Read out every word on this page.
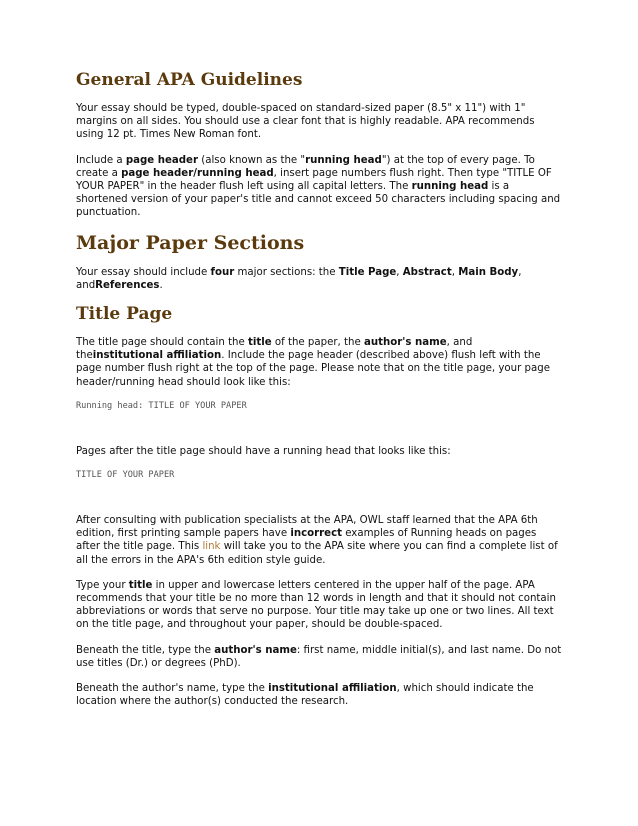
General APA Guidelines

Your essay should be typed, double-spaced on standard-sized paper (8.5" x 11") with 1" margins on all sides. You should use a clear font that is highly readable. APA recommends using 12 pt. Times New Roman font.

Include a page header (also known as the "running head") at the top of every page. To create a page header/running head, insert page numbers flush right. Then type "TITLE OF YOUR PAPER" in the header flush left using all capital letters. The running head is a shortened version of your paper's title and cannot exceed 50 characters including spacing and punctuation.

Major Paper Sections

Your essay should include four major sections: the Title Page, Abstract, Main Body, andReferences.

Title Page

The title page should contain the title of the paper, the author's name, and theinstitutional affiliation. Include the page header (described above) flush left with the page number flush right at the top of the page. Please note that on the title page, your page header/running head should look like this:

Running head: TITLE OF YOUR PAPER

Pages after the title page should have a running head that looks like this:

TITLE OF YOUR PAPER

After consulting with publication specialists at the APA, OWL staff learned that the APA 6th edition, first printing sample papers have incorrect examples of Running heads on pages after the title page. This link will take you to the APA site where you can find a complete list of all the errors in the APA's 6th edition style guide.

Type your title in upper and lowercase letters centered in the upper half of the page. APA recommends that your title be no more than 12 words in length and that it should not contain abbreviations or words that serve no purpose. Your title may take up one or two lines. All text on the title page, and throughout your paper, should be double-spaced.

Beneath the title, type the author's name: first name, middle initial(s), and last name. Do not use titles (Dr.) or degrees (PhD).

Beneath the author's name, type the institutional affiliation, which should indicate the location where the author(s) conducted the research.
